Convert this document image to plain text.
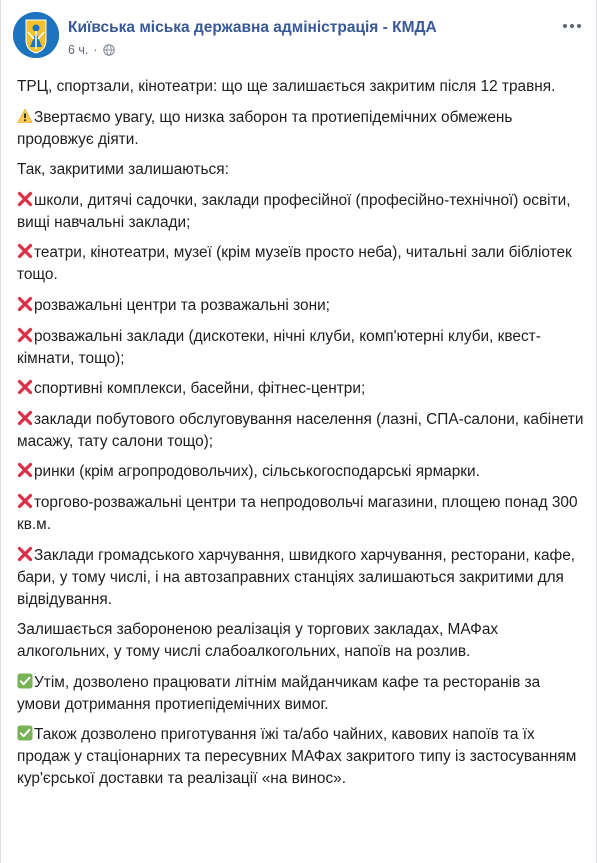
Київська міська державна адміністрація - КМДА
6 ч. ·

ТРЦ, спортзали, кінотеатри: що ще залишається закритим після 12 травня.

Звертаємо увагу, що низка заборон та протиепідемічних обмежень продовжує діяти.

Так, закритими залишаються:

школи, дитячі садочки, заклади професійної (професійно-технічної) освіти, вищі навчальні заклади;

театри, кінотеатри, музеї (крім музеїв просто неба), читальні зали бібліотек тощо.

розважальні центри та розважальні зони;

розважальні заклади (дискотеки, нічні клуби, комп'ютерні клуби, квест-кімнати, тощо);

спортивні комплекси, басейни, фітнес-центри;

заклади побутового обслуговування населення (лазні, СПА-салони, кабінети масажу, тату салони тощо);

ринки (крім агропродовольчих), сільськогосподарські ярмарки.

торгово-розважальні центри та непродовольчі магазини, площею понад 300 кв.м.

Заклади громадського харчування, швидкого харчування, ресторани, кафе, бари, у тому числі, і на автозаправних станціях залишаються закритими для відвідування.

Залишається забороненою реалізація у торгових закладах, МАФах алкогольних, у тому числі слабоалкогольних, напоїв на розлив.

Утім, дозволено працювати літнім майданчикам кафе та ресторанів за умови дотримання протиепідемічних вимог.

Також дозволено приготування їжі та/або чайних, кавових напоїв та їх продаж у стаціонарних та пересувних МАФах закритого типу із застосуванням кур'єрської доставки та реалізації «на винос».
